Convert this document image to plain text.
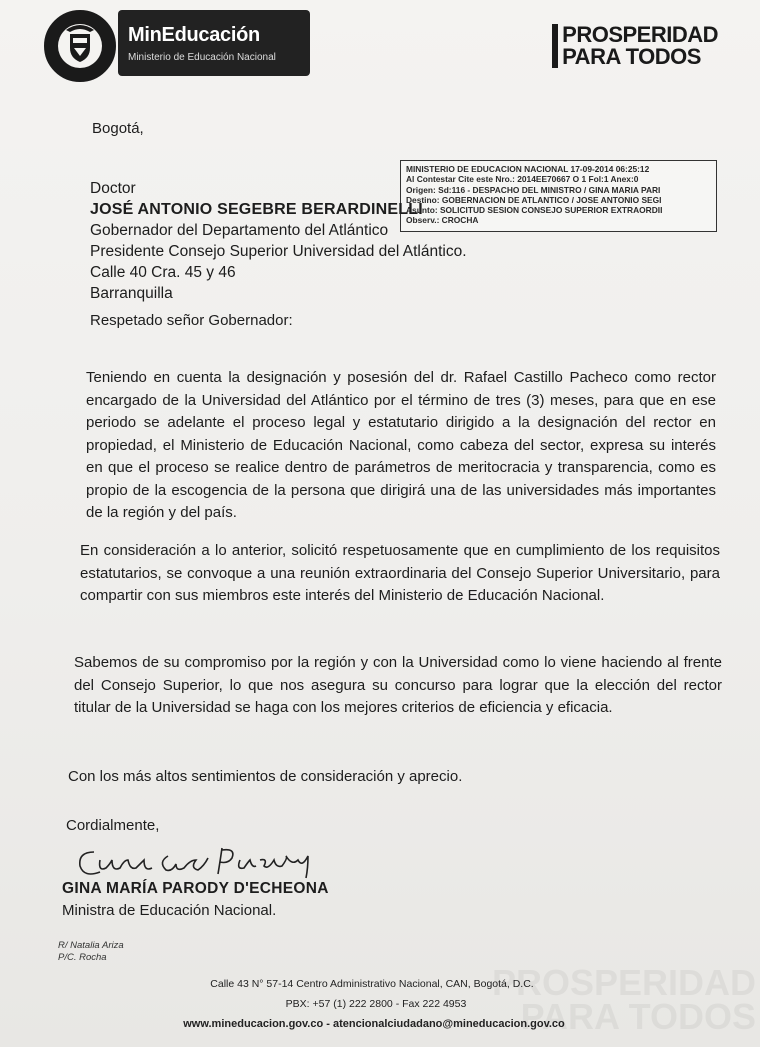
MinEducación
Ministerio de Educación Nacional
PROSPERIDAD
PARA TODOS
Bogotá,
MINISTERIO DE EDUCACION NACIONAL 17-09-2014 06:25:12
Al Contestar Cite este Nro.: 2014EE70667 O 1 Fol:1 Anex:0
Origen: Sd:116 - DESPACHO DEL MINISTRO / GINA MARIA PARI
Destino: GOBERNACION DE ATLANTICO / JOSE ANTONIO SEGI
Asunto: SOLICITUD SESION CONSEJO SUPERIOR EXTRAORDII
Observ.: CROCHA
Doctor
JOSÉ ANTONIO SEGEBRE BERARDINELLI
Gobernador del Departamento del Atlántico
Presidente Consejo Superior Universidad del Atlántico.
Calle 40 Cra. 45 y 46
Barranquilla
Respetado señor Gobernador:
Teniendo en cuenta la designación y posesión del dr. Rafael Castillo Pacheco como rector encargado de la Universidad del Atlántico por el término de tres (3) meses, para que en ese periodo se adelante el proceso legal y estatutario dirigido a la designación del rector en propiedad, el Ministerio de Educación Nacional, como cabeza del sector, expresa su interés en que el proceso se realice dentro de parámetros de meritocracia y transparencia, como es propio de la escogencia de la persona que dirigirá una de las universidades más importantes de la región y del país.
En consideración a lo anterior, solicitó respetuosamente que en cumplimiento de los requisitos estatutarios, se convoque a una reunión extraordinaria del Consejo Superior Universitario, para compartir con sus miembros este interés del Ministerio de Educación Nacional.
Sabemos de su compromiso por la región y con la Universidad como lo viene haciendo al frente del Consejo Superior, lo que nos asegura su concurso para lograr que la elección del rector titular de la Universidad se haga con los mejores criterios de eficiencia y eficacia.
Con los más altos sentimientos de consideración y aprecio.
Cordialmente,
GINA MARÍA PARODY D'ECHEONA
Ministra de Educación Nacional.
R/ Natalia Ariza
P/C. Rocha
PROSPERIDAD
PARA TODOS
Calle 43 N° 57-14 Centro Administrativo Nacional, CAN, Bogotá, D.C.
PBX: +57 (1) 222 2800 - Fax 222 4953
www.mineducacion.gov.co - atencionalciudadano@mineducacion.gov.co
